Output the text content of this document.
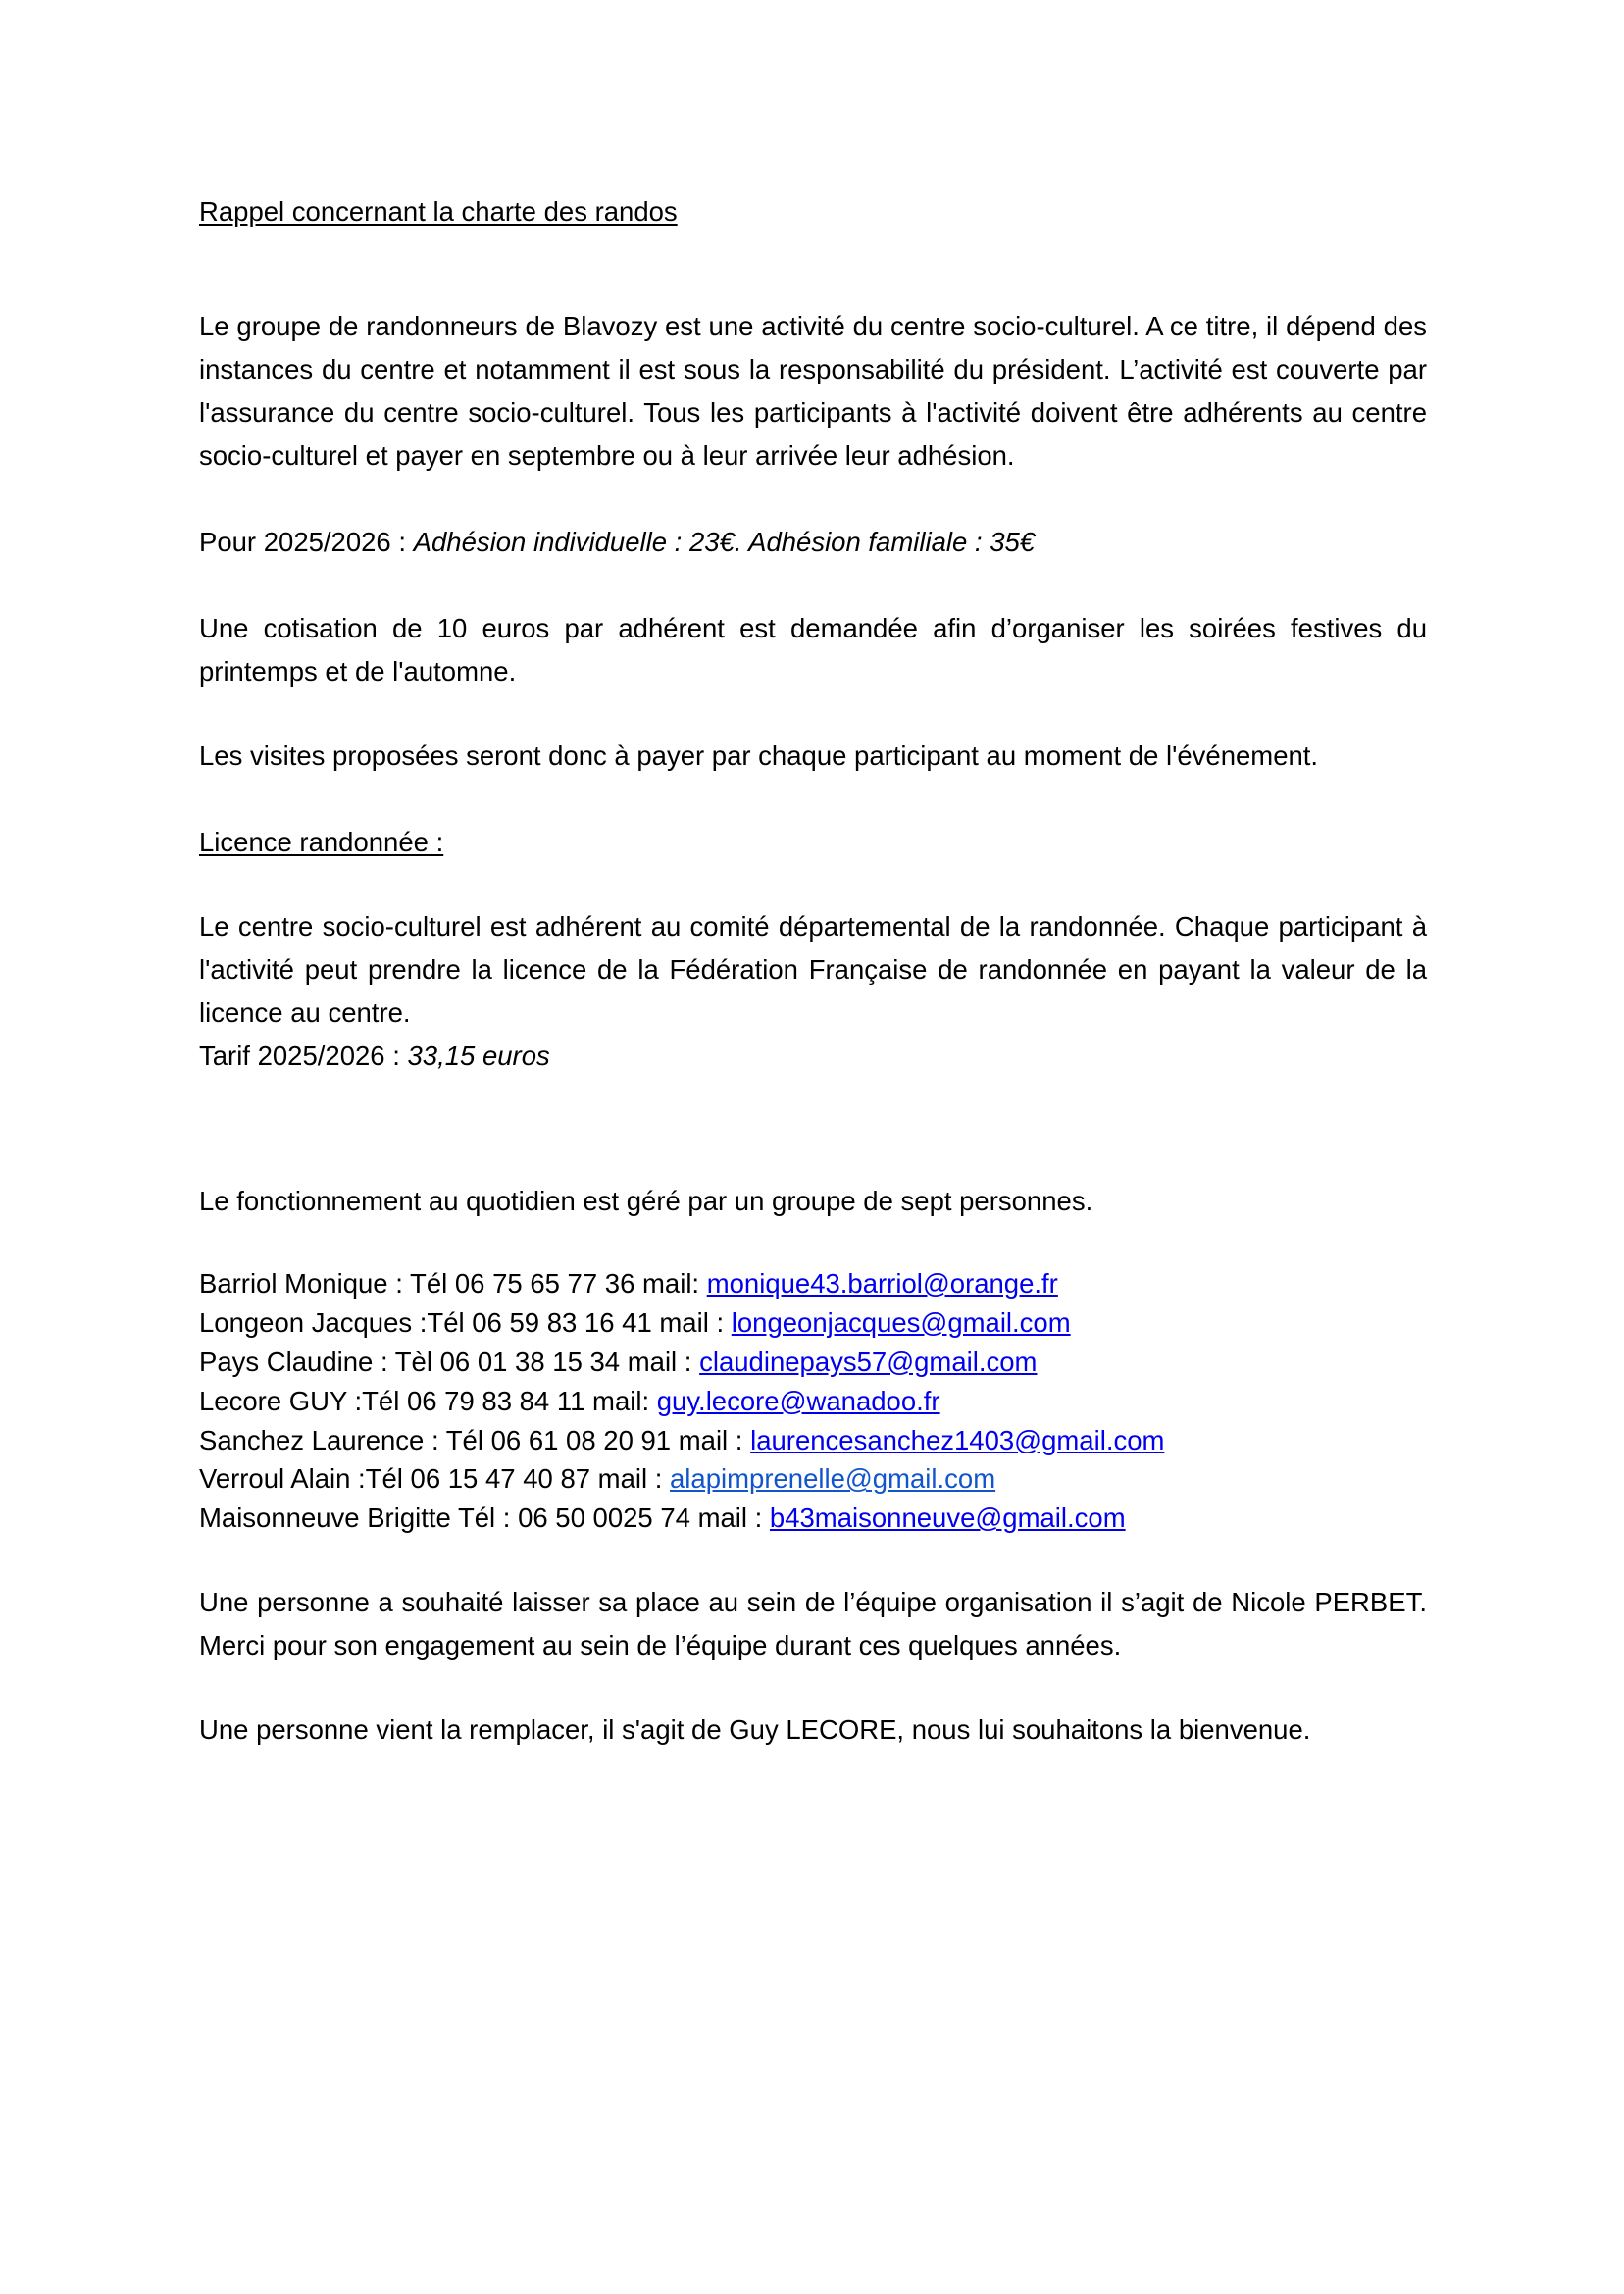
Rappel concernant la charte des randos

Le groupe de randonneurs de Blavozy est une activité du centre socio-culturel. A ce titre, il dépend des instances du centre et notamment il est sous la responsabilité du président. L’activité est couverte par l'assurance du centre socio-culturel. Tous les participants à l'activité doivent être adhérents au centre socio-culturel et payer en septembre ou à leur arrivée leur adhésion.

Pour 2025/2026 : Adhésion individuelle : 23€. Adhésion familiale : 35€

Une cotisation de 10 euros par adhérent est demandée afin d’organiser les soirées festives du printemps et de l'automne.

Les visites proposées seront donc à payer par chaque participant au moment de l'événement.

Licence randonnée :

Le centre socio-culturel est adhérent au comité départemental de la randonnée. Chaque participant à l'activité peut prendre la licence de la Fédération Française de randonnée en payant la valeur de la licence au centre.

Tarif 2025/2026 : 33,15 euros

Le fonctionnement au quotidien est géré par un groupe de sept personnes.

Barriol Monique : Tél 06 75 65 77 36 mail: monique43.barriol@orange.fr

Longeon Jacques :Tél 06 59 83 16 41 mail : longeonjacques@gmail.com

Pays Claudine : Tèl 06 01 38 15 34 mail : claudinepays57@gmail.com

Lecore GUY :Tél 06 79 83 84 11 mail: guy.lecore@wanadoo.fr

Sanchez Laurence : Tél 06 61 08 20 91 mail : laurencesanchez1403@gmail.com

Verroul Alain :Tél 06 15 47 40 87 mail : alapimprenelle@gmail.com

Maisonneuve Brigitte Tél : 06 50 0025 74 mail : b43maisonneuve@gmail.com

Une personne a souhaité laisser sa place au sein de l’équipe organisation il s’agit de Nicole PERBET. Merci pour son engagement au sein de l’équipe durant ces quelques années.

Une personne vient la remplacer, il s'agit de Guy LECORE, nous lui souhaitons la bienvenue.
